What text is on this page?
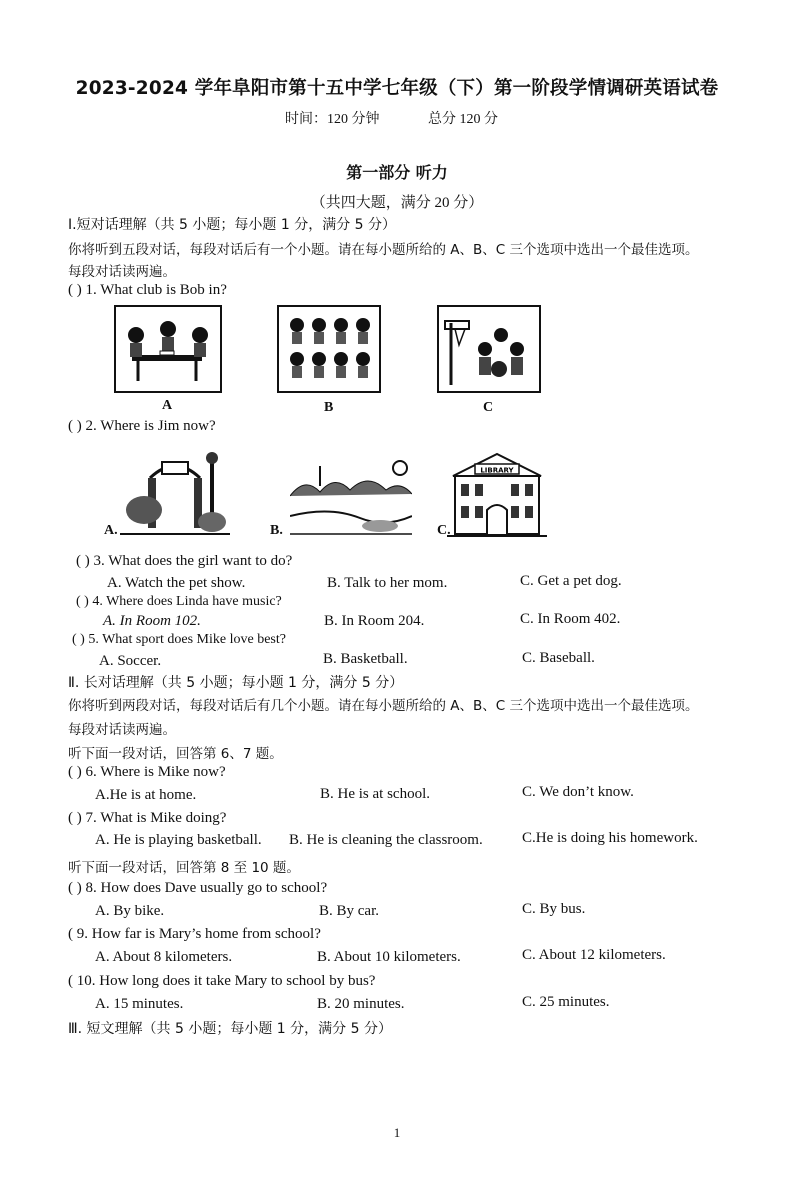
2023-2024 学年阜阳市第十五中学七年级（下）第一阶段学情调研英语试卷
时间：120 分钟	总分 120 分
第一部分 听力
（共四大题，满分 20 分）
Ⅰ.短对话理解（共 5 小题；每小题 1 分，满分 5 分）
你将听到五段对话，每段对话后有一个小题。请在每小题所给的 A、B、C 三个选项中选出一个最佳选项。
每段对话读两遍。
( ) 1. What club is Bob in?
A	B	C
( ) 2. Where is Jim now?
A.	B.	C.
LIBRARY
( ) 3. What does the girl want to do?
A. Watch the pet show.	B. Talk to her mom.	C. Get a pet dog.
( ) 4. Where does Linda have music?
A. In Room 102.	B. In Room 204.	C. In Room 402.
( ) 5. What sport does Mike love best?
A. Soccer.	B. Basketball.	C. Baseball.
Ⅱ. 长对话理解（共 5 小题；每小题 1 分，满分 5 分）
你将听到两段对话，每段对话后有几个小题。请在每小题所给的 A、B、C 三个选项中选出一个最佳选项。
每段对话读两遍。
听下面一段对话，回答第 6、7 题。
( ) 6. Where is Mike now?
A.He is at home.	B. He is at school.	C. We don’t know.
( ) 7. What is Mike doing?
A. He is playing basketball. B. He is cleaning the classroom.	C.He is doing his homework.
听下面一段对话，回答第 8 至 10 题。
( ) 8. How does Dave usually go to school?
A. By bike.	B. By car.	C. By bus.
( 9. How far is Mary’s home from school?
A. About 8 kilometers.	B. About 10 kilometers.	C. About 12 kilometers.
( 10. How long does it take Mary to school by bus?
A. 15 minutes.	B. 20 minutes.	C. 25 minutes.
Ⅲ. 短文理解（共 5 小题；每小题 1 分，满分 5 分）
1
